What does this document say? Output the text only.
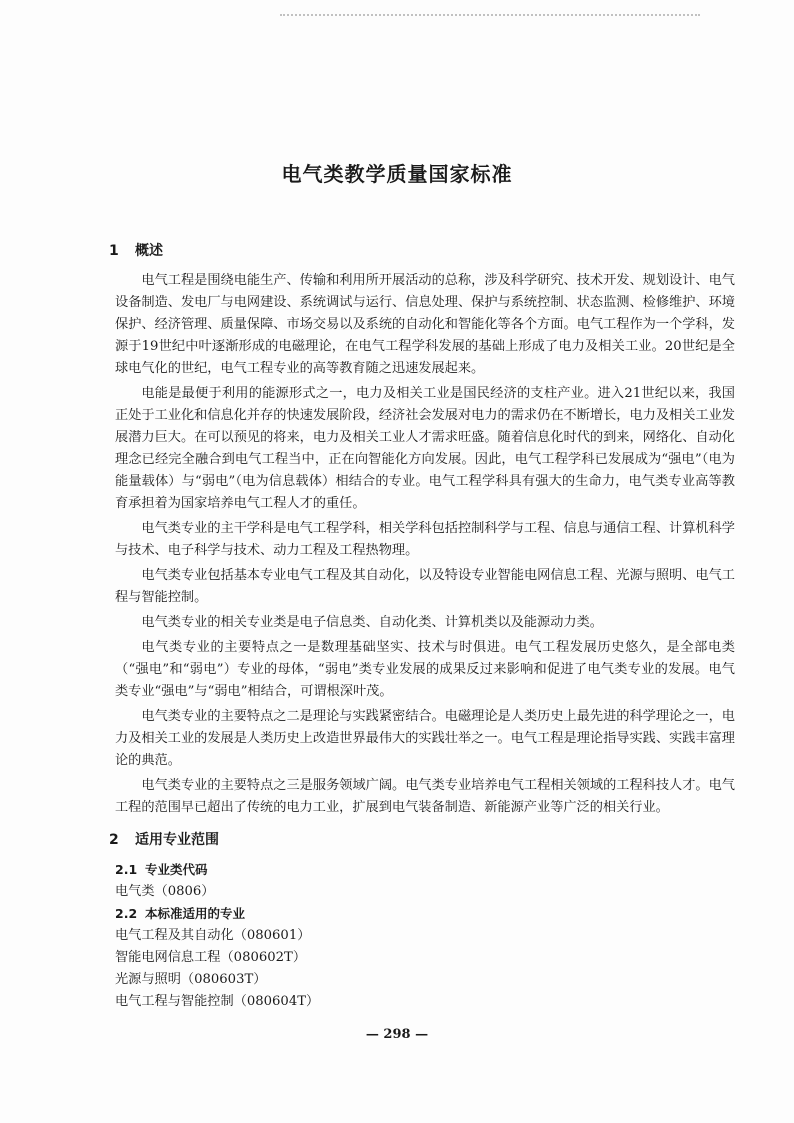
电气类教学质量国家标准
1 概述

电气工程是围绕电能生产、传输和利用所开展活动的总称，涉及科学研究、技术开发、规划设计、电气设备制造、发电厂与电网建设、系统调试与运行、信息处理、保护与系统控制、状态监测、检修维护、环境保护、经济管理、质量保障、市场交易以及系统的自动化和智能化等各个方面。电气工程作为一个学科，发源于19世纪中叶逐渐形成的电磁理论，在电气工程学科发展的基础上形成了电力及相关工业。20世纪是全球电气化的世纪，电气工程专业的高等教育随之迅速发展起来。

电能是最便于利用的能源形式之一，电力及相关工业是国民经济的支柱产业。进入21世纪以来，我国正处于工业化和信息化并存的快速发展阶段，经济社会发展对电力的需求仍在不断增长，电力及相关工业发展潜力巨大。在可以预见的将来，电力及相关工业人才需求旺盛。随着信息化时代的到来，网络化、自动化理念已经完全融合到电气工程当中，正在向智能化方向发展。因此，电气工程学科已发展成为“强电”（电为能量载体）与“弱电”（电为信息载体）相结合的专业。电气工程学科具有强大的生命力，电气类专业高等教育承担着为国家培养电气工程人才的重任。

电气类专业的主干学科是电气工程学科，相关学科包括控制科学与工程、信息与通信工程、计算机科学与技术、电子科学与技术、动力工程及工程热物理。

电气类专业包括基本专业电气工程及其自动化，以及特设专业智能电网信息工程、光源与照明、电气工程与智能控制。

电气类专业的相关专业类是电子信息类、自动化类、计算机类以及能源动力类。

电气类专业的主要特点之一是数理基础坚实、技术与时俱进。电气工程发展历史悠久，是全部电类（“强电”和“弱电”）专业的母体，“弱电”类专业发展的成果反过来影响和促进了电气类专业的发展。电气类专业“强电”与“弱电”相结合，可谓根深叶茂。

电气类专业的主要特点之二是理论与实践紧密结合。电磁理论是人类历史上最先进的科学理论之一，电力及相关工业的发展是人类历史上改造世界最伟大的实践壮举之一。电气工程是理论指导实践、实践丰富理论的典范。

电气类专业的主要特点之三是服务领域广阔。电气类专业培养电气工程相关领域的工程科技人才。电气工程的范围早已超出了传统的电力工业，扩展到电气装备制造、新能源产业等广泛的相关行业。

2 适用专业范围
2.1 专业类代码

电气类（0806）

2.2 本标准适用的专业

电气工程及其自动化（080601）

智能电网信息工程（080602T）

光源与照明（080603T）

电气工程与智能控制（080604T）

— 298 —
